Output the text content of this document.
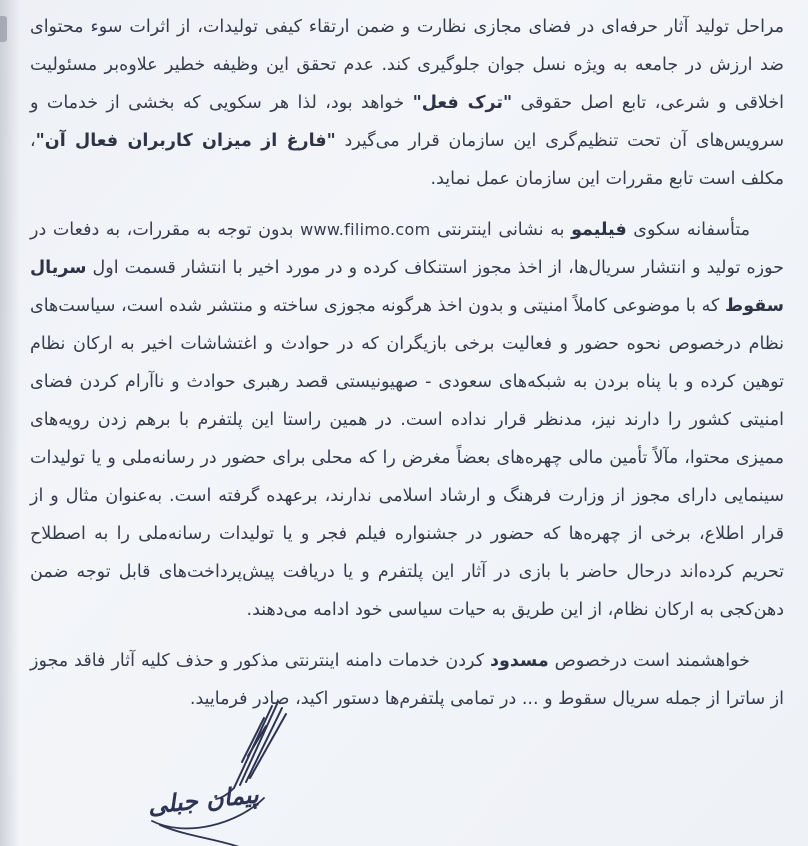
مراحل تولید آثار حرفه‌ای در فضای مجازی نظارت و ضمن ارتقاء کیفی تولیدات، از اثرات سوء محتوای ضد ارزش در جامعه به ویژه نسل جوان جلوگیری کند. عدم تحقق این وظیفه خطیر علاوه‌بر مسئولیت اخلاقی و شرعی، تابع اصل حقوقی "ترک فعل" خواهد بود، لذا هر سکویی که بخشی از خدمات و سرویس‌های آن تحت تنظیم‌گری این سازمان قرار می‌گیرد "فارغ از میزان کاربران فعال آن"، مکلف است تابع مقررات این سازمان عمل نماید.

متأسفانه سکوی فیلیمو به نشانی اینترنتی www.filimo.com بدون توجه به مقررات، به دفعات در حوزه تولید و انتشار سریال‌ها، از اخذ مجوز استنکاف کرده و در مورد اخیر با انتشار قسمت اول سریال سقوط که با موضوعی کاملاً امنیتی و بدون اخذ هرگونه مجوزی ساخته و منتشر شده است، سیاست‌های نظام درخصوص نحوه حضور و فعالیت برخی بازیگران که در حوادث و اغتشاشات اخیر به ارکان نظام توهین کرده و با پناه بردن به شبکه‌های سعودی - صهیونیستی قصد رهبری حوادث و ناآرام کردن فضای امنیتی کشور را دارند نیز، مدنظر قرار نداده است. در همین راستا این پلتفرم با برهم زدن رویه‌های ممیزی محتوا، مآلاً تأمین مالی چهره‌های بعضاً مغرض را که محلی برای حضور در رسانه‌ملی و یا تولیدات سینمایی دارای مجوز از وزارت فرهنگ و ارشاد اسلامی ندارند، برعهده گرفته است. به‌عنوان مثال و از قرار اطلاع، برخی از چهره‌ها که حضور در جشنواره فیلم فجر و یا تولیدات رسانه‌ملی را به اصطلاح تحریم کرده‌اند درحال حاضر با بازی در آثار این پلتفرم و یا دریافت پیش‌پرداخت‌های قابل توجه ضمن دهن‌کجی به ارکان نظام، از این طریق به حیات سیاسی خود ادامه می‌دهند.

خواهشمند است درخصوص مسدود کردن خدمات دامنه اینترنتی مذکور و حذف کلیه آثار فاقد مجوز از ساترا از جمله سریال سقوط و ... در تمامی پلتفرم‌ها دستور اکید، صادر فرمایید.

پیمان جبلی
